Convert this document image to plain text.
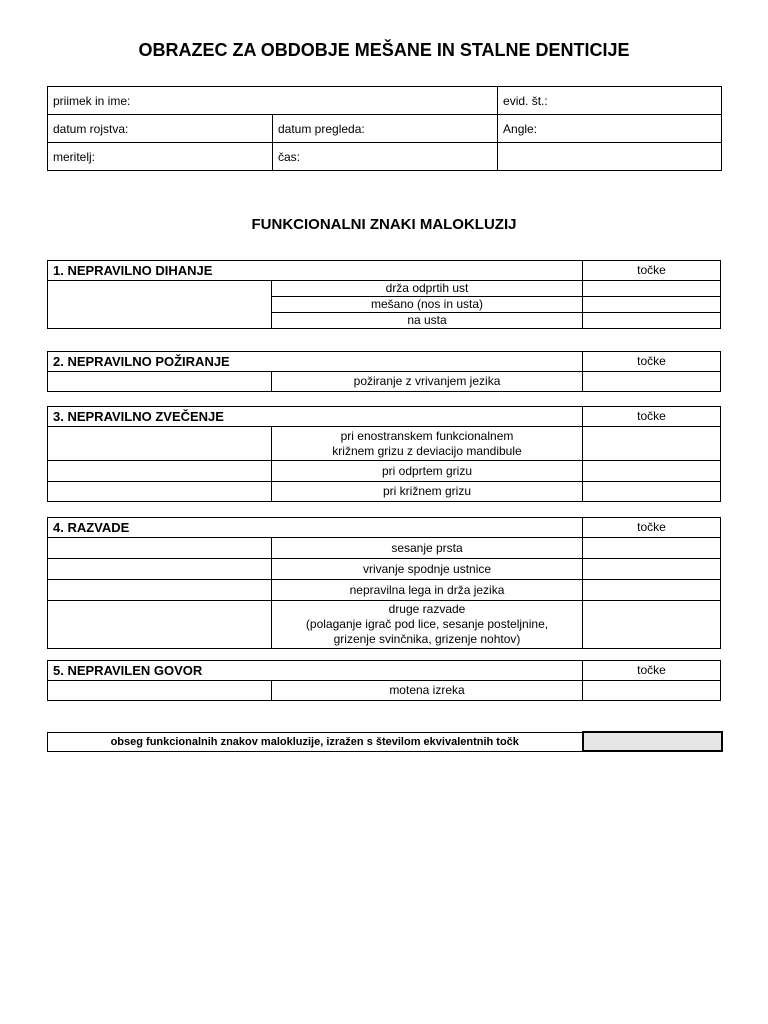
OBRAZEC ZA OBDOBJE MEŠANE IN STALNE DENTICIJE
priimek in ime:		evid. št.:
datum rojstva:	datum pregleda:	Angle:
meritelj:	čas:	
FUNKCIONALNI ZNAKI MALOKLUZIJ
1. NEPRAVILNO DIHANJE		točke
	drža odprtih ust	
	mešano (nos in usta)	
	na usta	
2. NEPRAVILNO POŽIRANJE		točke
	požiranje z vrivanjem jezika	
3. NEPRAVILNO ZVEČENJE		točke
	pri enostranskem funkcionalnem
križnem grizu z deviacijo mandibule	
	pri odprtem grizu	
	pri križnem grizu	
4. RAZVADE		točke
	sesanje prsta	
	vrivanje spodnje ustnice	
	nepravilna lega in drža jezika	
	druge razvade
(polaganje igrač pod lice, sesanje posteljnine,
grizenje svinčnika, grizenje nohtov)	
5. NEPRAVILEN GOVOR		točke
	motena izreka	
obseg funkcionalnih znakov malokluzije, izražen s številom ekvivalentnih točk	
